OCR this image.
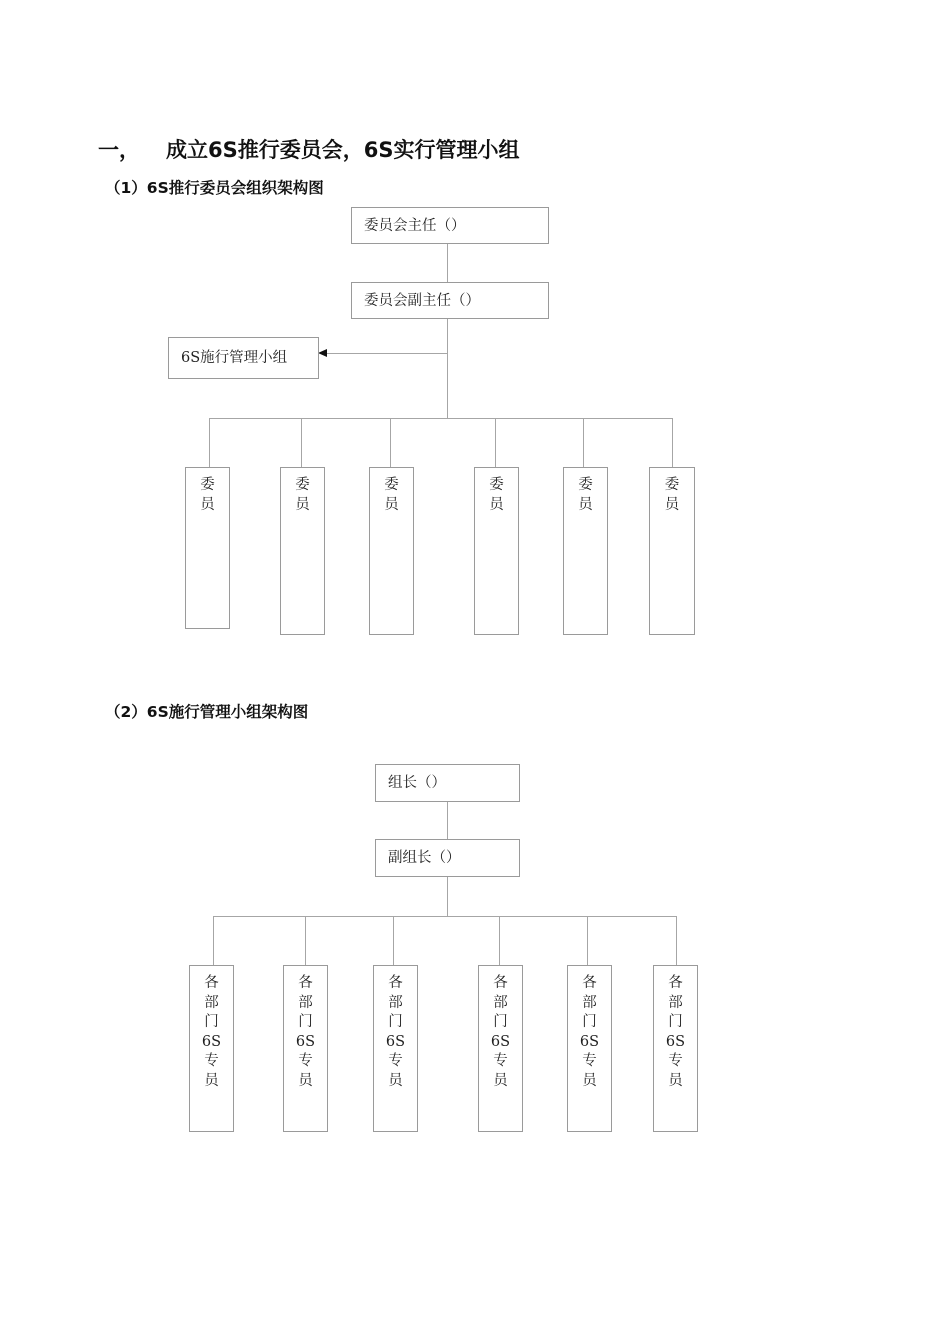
一， 成立6S推行委员会，6S实行管理小组
（1）6S推行委员会组织架构图
委员会主任（）
委员会副主任（）
6S施行管理小组
委
员
委
员
委
员
委
员
委
员
委
员
（2）6S施行管理小组架构图
组长（）
副组长（）
各
部
门
6S
专
员
各
部
门
6S
专
员
各
部
门
6S
专
员
各
部
门
6S
专
员
各
部
门
6S
专
员
各
部
门
6S
专
员
